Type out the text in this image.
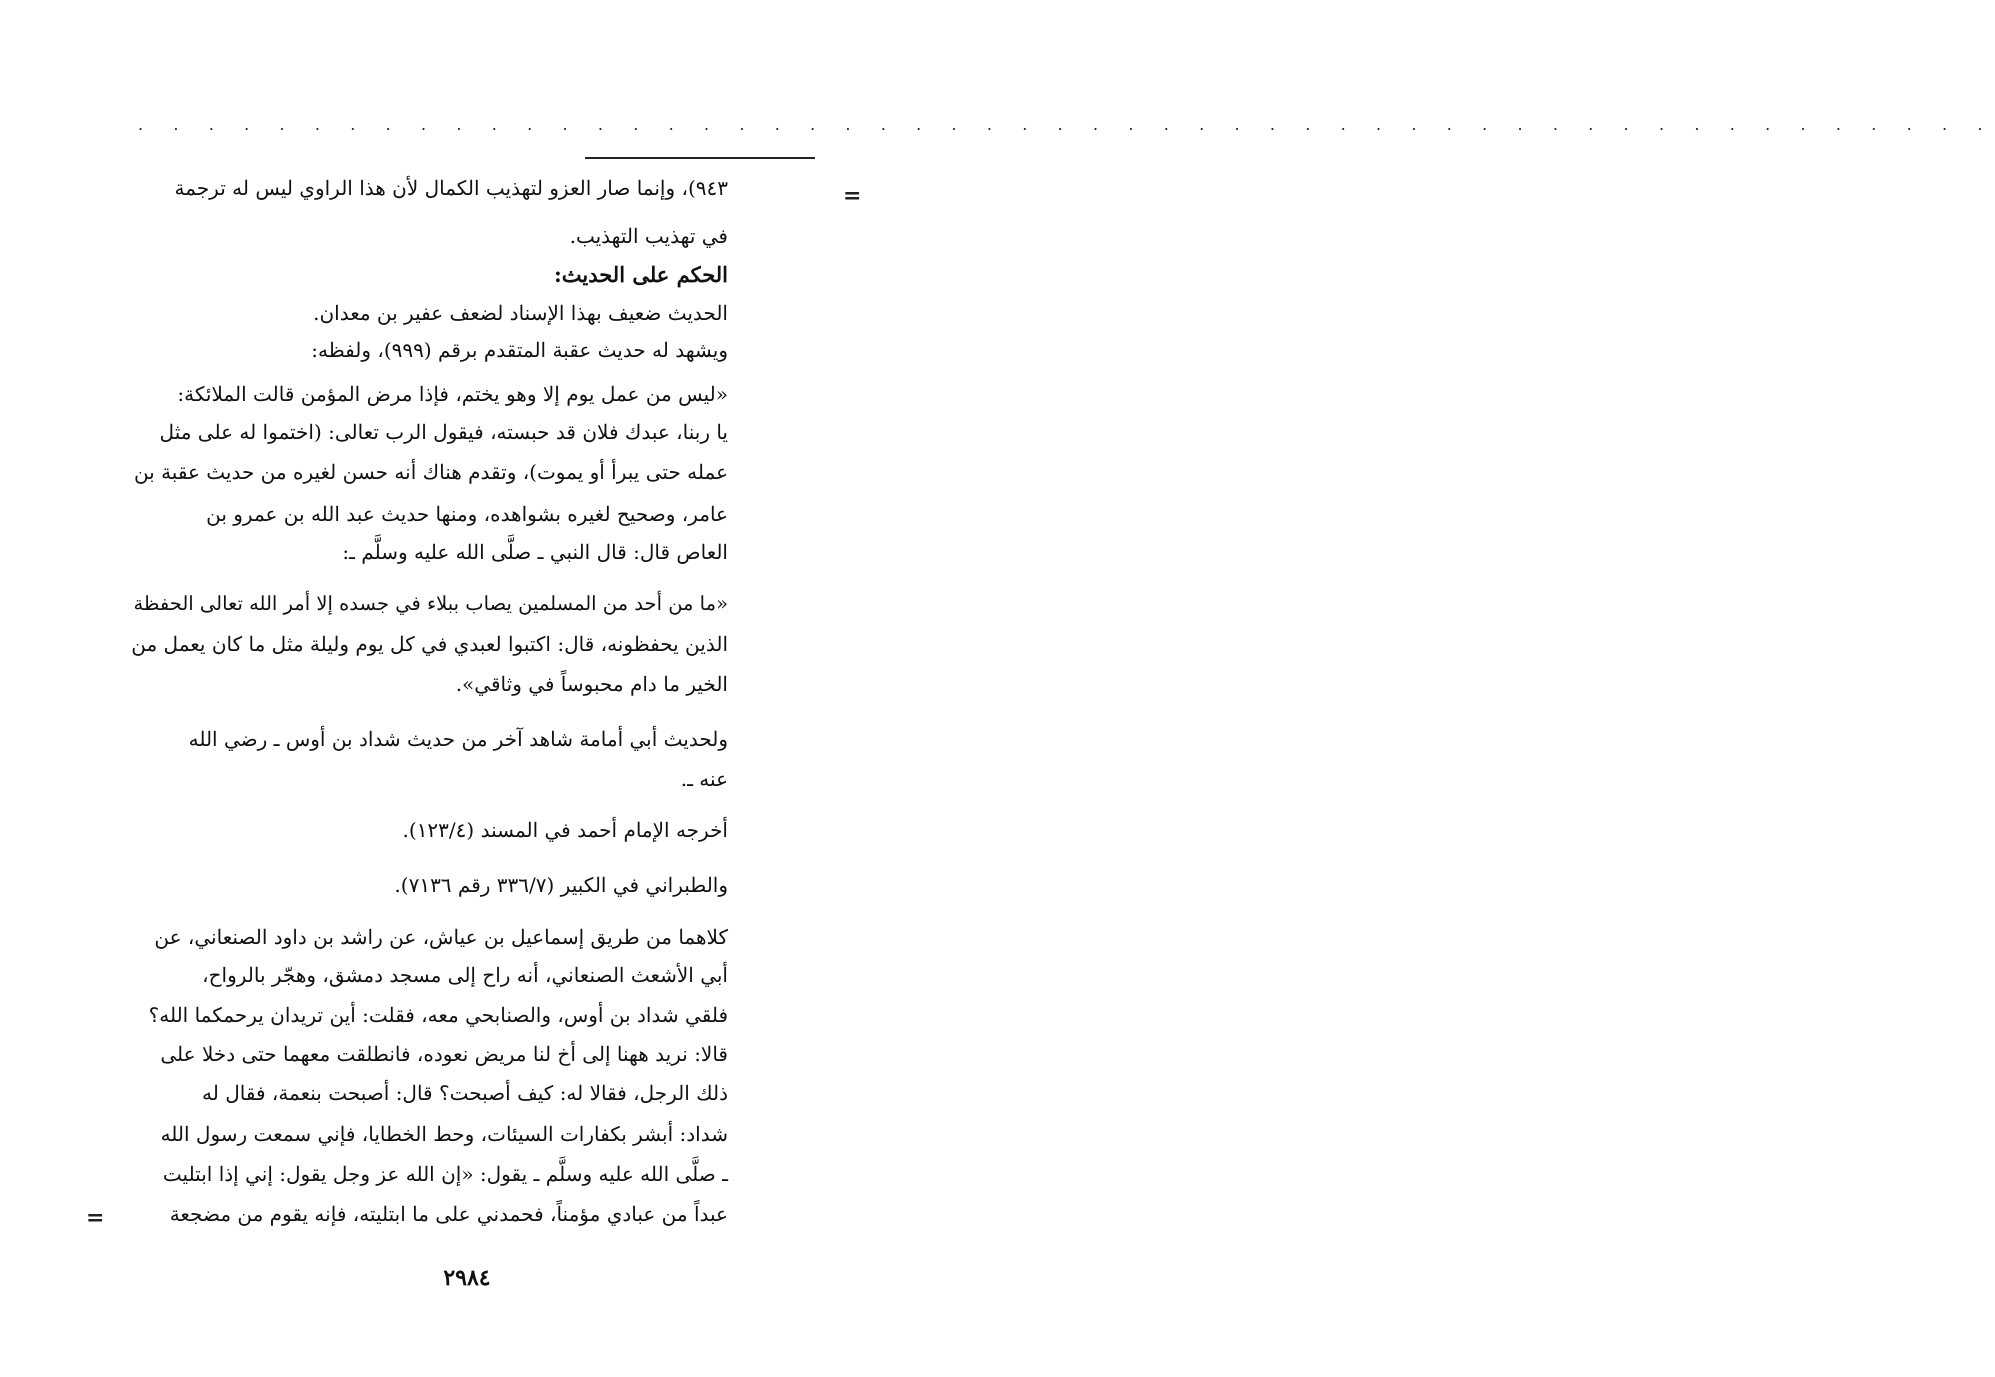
. . . . . . . . . . . . . . . . . . . . . . . . . . . . . . . . . . . . . . . . . . . . . . . . . . . . .
=
=
٩٤٣)، وإنما صار العزو لتهذيب الكمال لأن هذا الراوي ليس له ترجمة
في تهذيب التهذيب.
الحكم على الحديث:
الحديث ضعيف بهذا الإسناد لضعف عفير بن معدان.
ويشهد له حديث عقبة المتقدم برقم (٩٩٩)، ولفظه:
«ليس من عمل يوم إلا وهو يختم، فإذا مرض المؤمن قالت الملائكة:
يا ربنا، عبدك فلان قد حبسته، فيقول الرب تعالى: (اختموا له على مثل
عمله حتى يبرأ أو يموت)، وتقدم هناك أنه حسن لغيره من حديث عقبة بن
عامر، وصحيح لغيره بشواهده، ومنها حديث عبد الله بن عمرو بن
العاص قال: قال النبي ـ صلَّى الله عليه وسلَّم ـ:
«ما من أحد من المسلمين يصاب ببلاء في جسده إلا أمر الله تعالى الحفظة
الذين يحفظونه، قال: اكتبوا لعبدي في كل يوم وليلة مثل ما كان يعمل من
الخير ما دام محبوساً في وثاقي».
ولحديث أبي أمامة شاهد آخر من حديث شداد بن أوس ـ رضي الله
عنه ـ.
أخرجه الإمام أحمد في المسند (١٢٣/٤).
والطبراني في الكبير (٣٣٦/٧ رقم ٧١٣٦).
كلاهما من طريق إسماعيل بن عياش، عن راشد بن داود الصنعاني، عن
أبي الأشعث الصنعاني، أنه راح إلى مسجد دمشق، وهجّر بالرواح،
فلقي شداد بن أوس، والصنابحي معه، فقلت: أين تريدان يرحمكما الله؟
قالا: نريد ههنا إلى أخ لنا مريض نعوده، فانطلقت معهما حتى دخلا على
ذلك الرجل، فقالا له: كيف أصبحت؟ قال: أصبحت بنعمة، فقال له
شداد: أبشر بكفارات السيئات، وحط الخطايا، فإني سمعت رسول الله
ـ صلَّى الله عليه وسلَّم ـ يقول: «إن الله عز وجل يقول: إني إذا ابتليت
عبداً من عبادي مؤمناً، فحمدني على ما ابتليته، فإنه يقوم من مضجعة
٢٩٨٤
